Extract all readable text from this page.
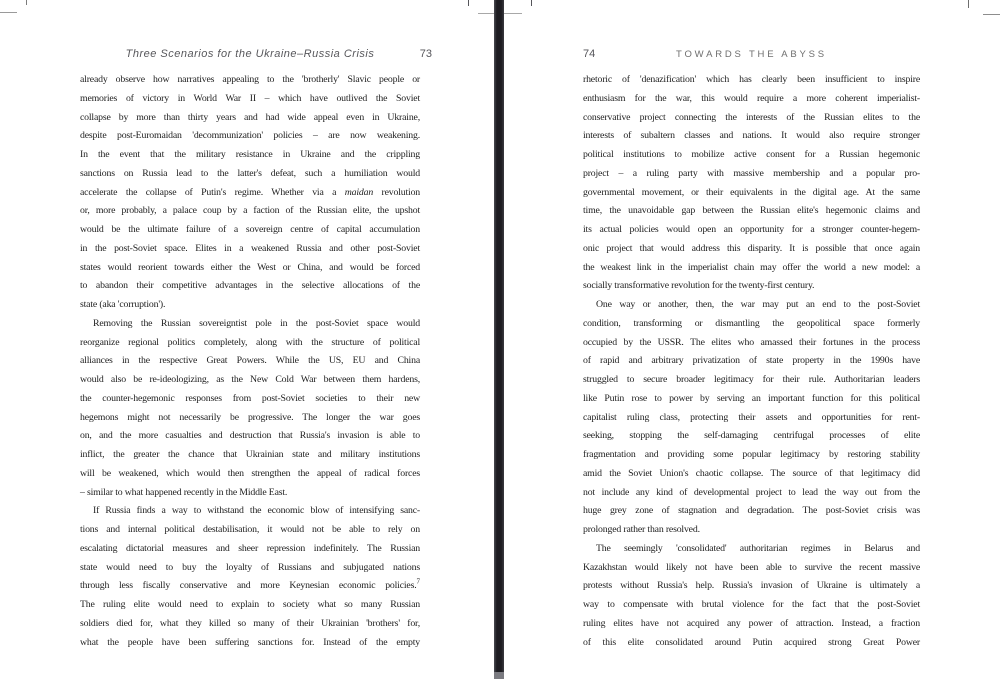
Three Scenarios for the Ukraine–Russia Crisis	73
already observe how narratives appealing to the 'brotherly' Slavic people or
memories of victory in World War II – which have outlived the Soviet
collapse by more than thirty years and had wide appeal even in Ukraine,
despite post-Euromaidan 'decommunization' policies – are now weakening.
In the event that the military resistance in Ukraine and the crippling
sanctions on Russia lead to the latter's defeat, such a humiliation would
accelerate the collapse of Putin's regime. Whether via a maidan revolution
or, more probably, a palace coup by a faction of the Russian elite, the upshot
would be the ultimate failure of a sovereign centre of capital accumulation
in the post-Soviet space. Elites in a weakened Russia and other post-Soviet
states would reorient towards either the West or China, and would be forced
to abandon their competitive advantages in the selective allocations of the
state (aka 'corruption').
Removing the Russian sovereigntist pole in the post-Soviet space would
reorganize regional politics completely, along with the structure of political
alliances in the respective Great Powers. While the US, EU and China
would also be re-ideologizing, as the New Cold War between them hardens,
the counter-hegemonic responses from post-Soviet societies to their new
hegemons might not necessarily be progressive. The longer the war goes
on, and the more casualties and destruction that Russia's invasion is able to
inflict, the greater the chance that Ukrainian state and military institutions
will be weakened, which would then strengthen the appeal of radical forces
– similar to what happened recently in the Middle East.
If Russia finds a way to withstand the economic blow of intensifying sanc-
tions and internal political destabilisation, it would not be able to rely on
escalating dictatorial measures and sheer repression indefinitely. The Russian
state would need to buy the loyalty of Russians and subjugated nations
through less fiscally conservative and more Keynesian economic policies.$^7$
The ruling elite would need to explain to society what so many Russian
soldiers died for, what they killed so many of their Ukrainian 'brothers' for,
what the people have been suffering sanctions for. Instead of the empty
74	TOWARDS THE ABYSS
rhetoric of 'denazification' which has clearly been insufficient to inspire
enthusiasm for the war, this would require a more coherent imperialist-
conservative project connecting the interests of the Russian elites to the
interests of subaltern classes and nations. It would also require stronger
political institutions to mobilize active consent for a Russian hegemonic
project – a ruling party with massive membership and a popular pro-
governmental movement, or their equivalents in the digital age. At the same
time, the unavoidable gap between the Russian elite's hegemonic claims and
its actual policies would open an opportunity for a stronger counter-hegem-
onic project that would address this disparity. It is possible that once again
the weakest link in the imperialist chain may offer the world a new model: a
socially transformative revolution for the twenty-first century.
One way or another, then, the war may put an end to the post-Soviet
condition, transforming or dismantling the geopolitical space formerly
occupied by the USSR. The elites who amassed their fortunes in the process
of rapid and arbitrary privatization of state property in the 1990s have
struggled to secure broader legitimacy for their rule. Authoritarian leaders
like Putin rose to power by serving an important function for this political
capitalist ruling class, protecting their assets and opportunities for rent-
seeking, stopping the self-damaging centrifugal processes of elite
fragmentation and providing some popular legitimacy by restoring stability
amid the Soviet Union's chaotic collapse. The source of that legitimacy did
not include any kind of developmental project to lead the way out from the
huge grey zone of stagnation and degradation. The post-Soviet crisis was
prolonged rather than resolved.
The seemingly 'consolidated' authoritarian regimes in Belarus and
Kazakhstan would likely not have been able to survive the recent massive
protests without Russia's help. Russia's invasion of Ukraine is ultimately a
way to compensate with brutal violence for the fact that the post-Soviet
ruling elites have not acquired any power of attraction. Instead, a fraction
of this elite consolidated around Putin acquired strong Great Power
